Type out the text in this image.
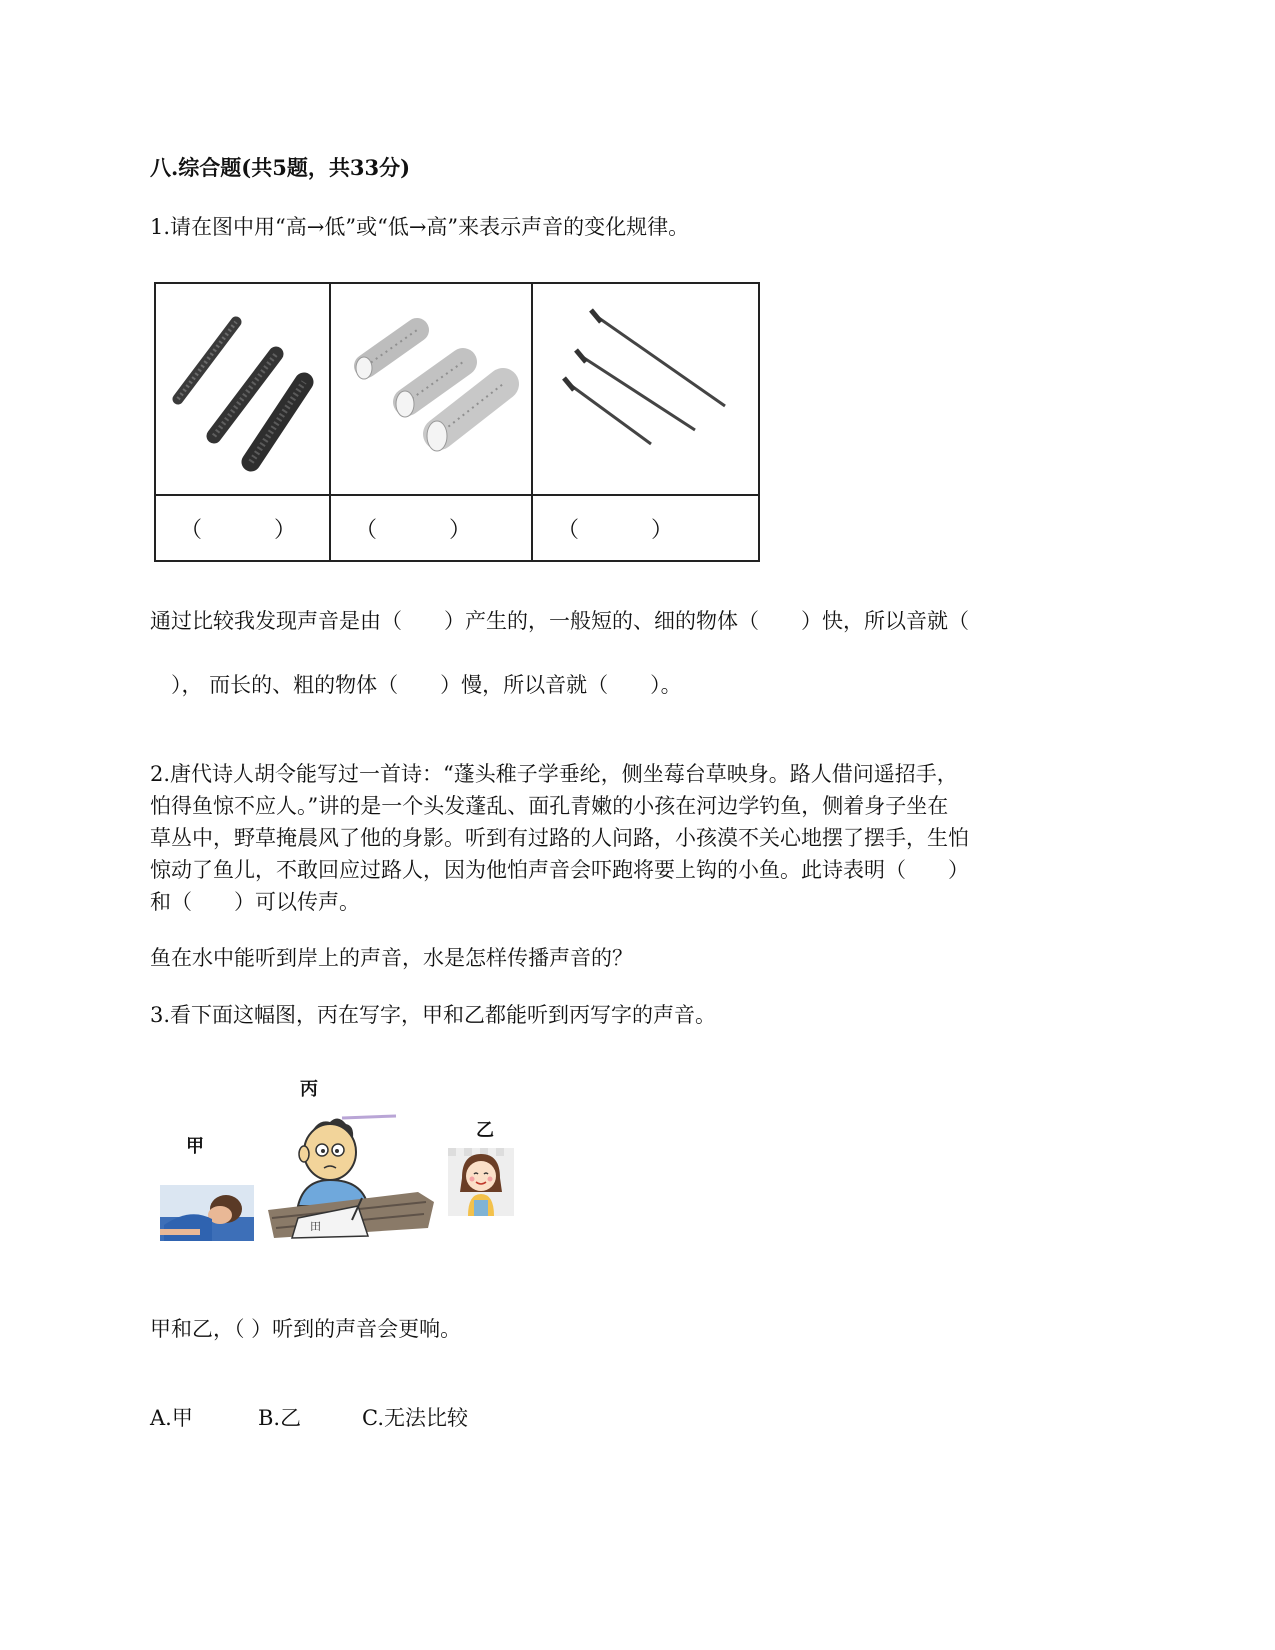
八.综合题(共5题，共33分)
1.请在图中用“高→低”或“低→高”来表示声音的变化规律。

（ ）	（ ）	（ ）
通过比较我发现声音是由（　　）产生的，一般短的、细的物体（　　）快，所以音就（
　）， 而长的、粗的物体（　　）慢，所以音就（　　）。

2.唐代诗人胡令能写过一首诗：“蓬头稚子学垂纶，侧坐莓台草映身。路人借问遥招手，

怕得鱼惊不应人。”讲的是一个头发蓬乱、面孔青嫩的小孩在河边学钓鱼，侧着身子坐在

草丛中，野草掩晨风了他的身影。听到有过路的人问路，小孩漠不关心地摆了摆手，生怕

惊动了鱼儿，不敢回应过路人，因为他怕声音会吓跑将要上钩的小鱼。此诗表明（　　）

和（　　）可以传声。

鱼在水中能听到岸上的声音，水是怎样传播声音的？
3.看下面这幅图，丙在写字，甲和乙都能听到丙写字的声音。
丙
甲
乙
田
甲和乙，（ ）听到的声音会更响。
A.甲	B.乙	C.无法比较
